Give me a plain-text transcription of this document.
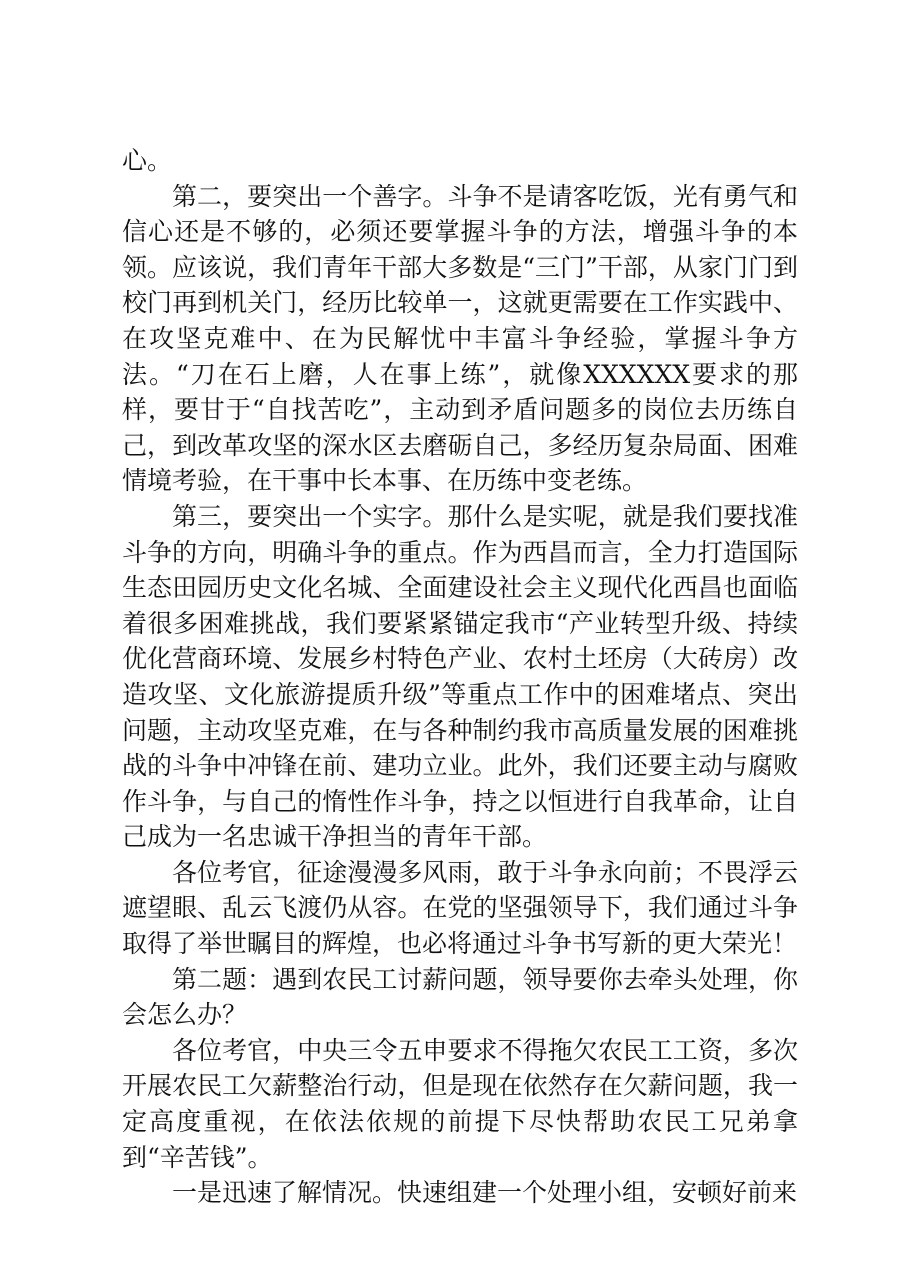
心。

第二，要突出一个善字。斗争不是请客吃饭，光有勇气和信心还是不够的，必须还要掌握斗争的方法，增强斗争的本领。应该说，我们青年干部大多数是“三门”干部，从家门门到校门再到机关门，经历比较单一，这就更需要在工作实践中、在攻坚克难中、在为民解忧中丰富斗争经验，掌握斗争方法。“刀在石上磨，人在事上练”，就像XXXXXX要求的那样，要甘于“自找苦吃”，主动到矛盾问题多的岗位去历练自己，到改革攻坚的深水区去磨砺自己，多经历复杂局面、困难情境考验，在干事中长本事、在历练中变老练。

第三，要突出一个实字。那什么是实呢，就是我们要找准斗争的方向，明确斗争的重点。作为西昌而言，全力打造国际生态田园历史文化名城、全面建设社会主义现代化西昌也面临着很多困难挑战，我们要紧紧锚定我市“产业转型升级、持续优化营商环境、发展乡村特色产业、农村土坯房（大砖房）改造攻坚、文化旅游提质升级”等重点工作中的困难堵点、突出问题，主动攻坚克难，在与各种制约我市高质量发展的困难挑战的斗争中冲锋在前、建功立业。此外，我们还要主动与腐败作斗争，与自己的惰性作斗争，持之以恒进行自我革命，让自己成为一名忠诚干净担当的青年干部。

各位考官，征途漫漫多风雨，敢于斗争永向前；不畏浮云遮望眼、乱云飞渡仍从容。在党的坚强领导下，我们通过斗争取得了举世瞩目的辉煌，也必将通过斗争书写新的更大荣光！

第二题：遇到农民工讨薪问题，领导要你去牵头处理，你会怎么办？

各位考官，中央三令五申要求不得拖欠农民工工资，多次开展农民工欠薪整治行动，但是现在依然存在欠薪问题，我一定高度重视，在依法依规的前提下尽快帮助农民工兄弟拿到“辛苦钱”。

一是迅速了解情况。快速组建一个处理小组，安顿好前来
